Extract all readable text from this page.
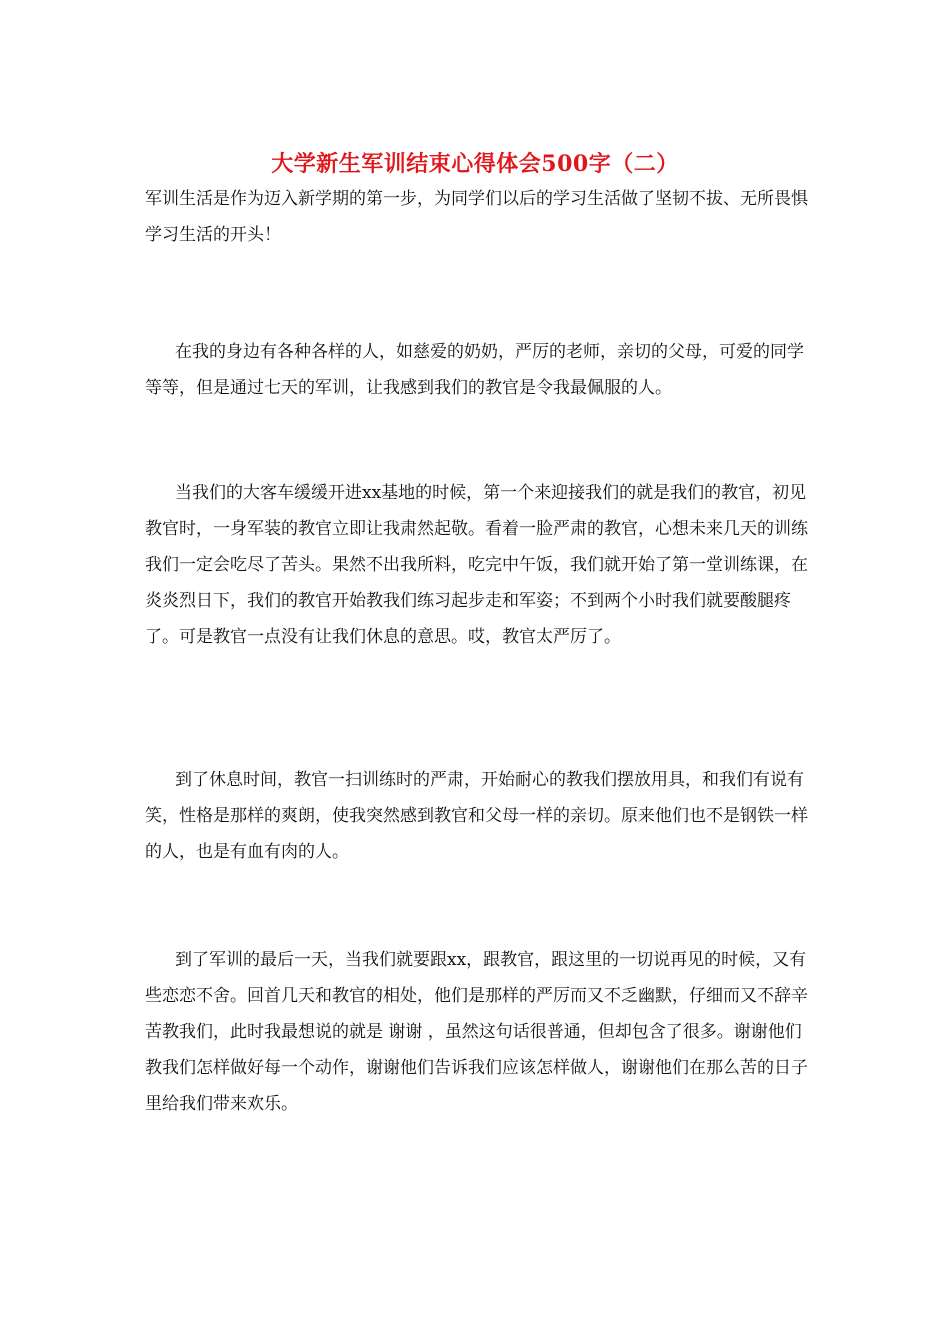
大学新生军训结束心得体会500字（二）

军训生活是作为迈入新学期的第一步，为同学们以后的学习生活做了坚韧不拔、无所畏惧学习生活的开头！

在我的身边有各种各样的人，如慈爱的奶奶，严厉的老师，亲切的父母，可爱的同学等等，但是通过七天的军训，让我感到我们的教官是令我最佩服的人。

当我们的大客车缓缓开进xx基地的时候，第一个来迎接我们的就是我们的教官，初见教官时，一身军装的教官立即让我肃然起敬。看着一脸严肃的教官，心想未来几天的训练我们一定会吃尽了苦头。果然不出我所料，吃完中午饭，我们就开始了第一堂训练课，在炎炎烈日下，我们的教官开始教我们练习起步走和军姿；不到两个小时我们就要酸腿疼了。可是教官一点没有让我们休息的意思。哎，教官太严厉了。

到了休息时间，教官一扫训练时的严肃，开始耐心的教我们摆放用具，和我们有说有笑，性格是那样的爽朗，使我突然感到教官和父母一样的亲切。原来他们也不是钢铁一样的人，也是有血有肉的人。

到了军训的最后一天，当我们就要跟xx，跟教官，跟这里的一切说再见的时候，又有些恋恋不舍。回首几天和教官的相处，他们是那样的严厉而又不乏幽默，仔细而又不辞辛苦教我们，此时我最想说的就是 谢谢 ，虽然这句话很普通，但却包含了很多。谢谢他们教我们怎样做好每一个动作，谢谢他们告诉我们应该怎样做人，谢谢他们在那么苦的日子里给我们带来欢乐。
